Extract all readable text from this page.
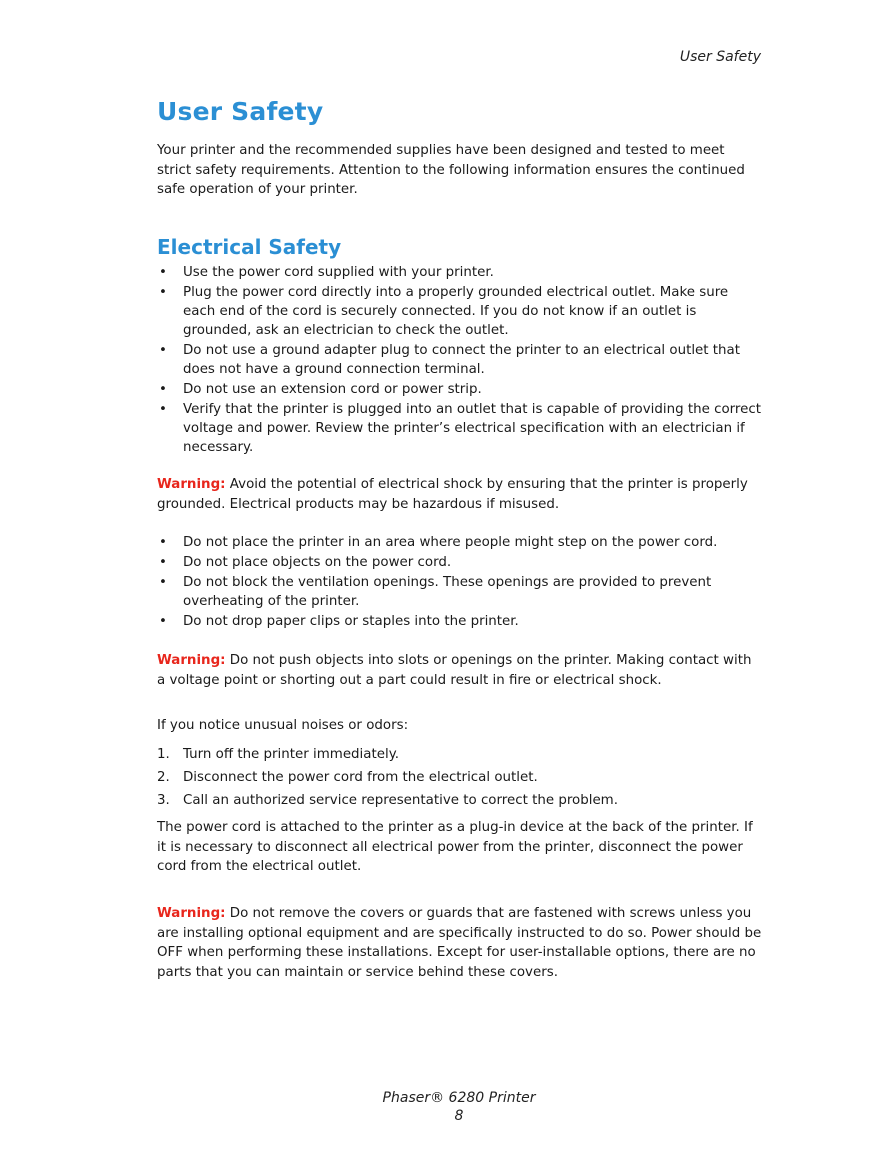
User Safety
User Safety

Your printer and the recommended supplies have been designed and tested to meet strict safety requirements. Attention to the following information ensures the continued safe operation of your printer.

Electrical Safety
• Use the power cord supplied with your printer.
• Plug the power cord directly into a properly grounded electrical outlet. Make sure each end of the cord is securely connected. If you do not know if an outlet is grounded, ask an electrician to check the outlet.
• Do not use a ground adapter plug to connect the printer to an electrical outlet that does not have a ground connection terminal.
• Do not use an extension cord or power strip.
• Verify that the printer is plugged into an outlet that is capable of providing the correct voltage and power. Review the printer’s electrical specification with an electrician if necessary.

Warning: Avoid the potential of electrical shock by ensuring that the printer is properly grounded. Electrical products may be hazardous if misused.

• Do not place the printer in an area where people might step on the power cord.
• Do not place objects on the power cord.
• Do not block the ventilation openings. These openings are provided to prevent overheating of the printer.
• Do not drop paper clips or staples into the printer.

Warning: Do not push objects into slots or openings on the printer. Making contact with a voltage point or shorting out a part could result in fire or electrical shock.

If you notice unusual noises or odors:

1. Turn off the printer immediately.
2. Disconnect the power cord from the electrical outlet.
3. Call an authorized service representative to correct the problem.

The power cord is attached to the printer as a plug-in device at the back of the printer. If it is necessary to disconnect all electrical power from the printer, disconnect the power cord from the electrical outlet.

Warning: Do not remove the covers or guards that are fastened with screws unless you are installing optional equipment and are specifically instructed to do so. Power should be OFF when performing these installations. Except for user-installable options, there are no parts that you can maintain or service behind these covers.

Phaser® 6280 Printer
8
